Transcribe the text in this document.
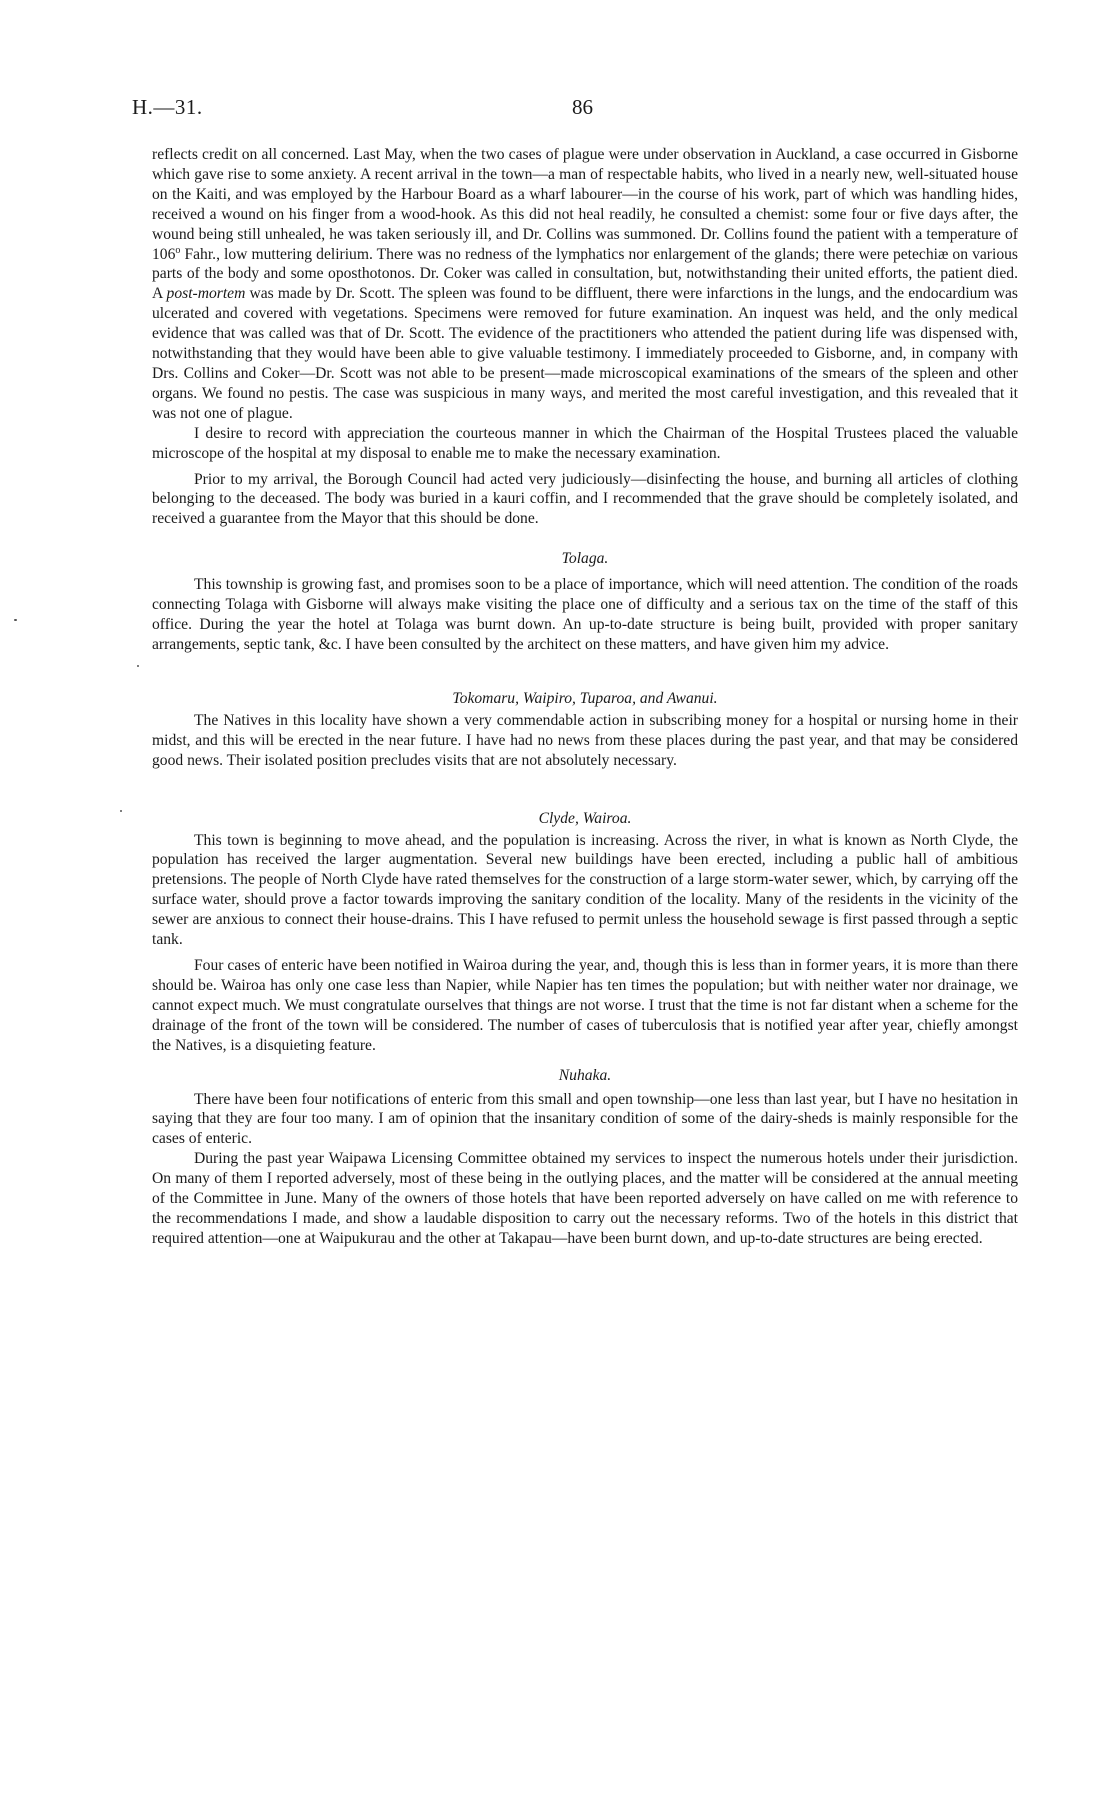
H.—31.	86

reflects credit on all concerned. Last May, when the two cases of plague were under observation in Auckland, a case occurred in Gisborne which gave rise to some anxiety. A recent arrival in the town—a man of respectable habits, who lived in a nearly new, well-situated house on the Kaiti, and was employed by the Harbour Board as a wharf labourer—in the course of his work, part of which was handling hides, received a wound on his finger from a wood-hook. As this did not heal readily, he consulted a chemist: some four or five days after, the wound being still unhealed, he was taken seriously ill, and Dr. Collins was summoned. Dr. Collins found the patient with a temperature of 106$^o$ Fahr., low muttering delirium. There was no redness of the lymphatics nor enlargement of the glands; there were petechiæ on various parts of the body and some oposthotonos. Dr. Coker was called in consultation, but, notwithstanding their united efforts, the patient died. A post-mortem was made by Dr. Scott. The spleen was found to be diffluent, there were infarctions in the lungs, and the endocardium was ulcerated and covered with vegetations. Specimens were removed for future examination. An inquest was held, and the only medical evidence that was called was that of Dr. Scott. The evidence of the practitioners who attended the patient during life was dispensed with, notwithstanding that they would have been able to give valuable testimony. I immediately proceeded to Gisborne, and, in company with Drs. Collins and Coker—Dr. Scott was not able to be present—made microscopical examinations of the smears of the spleen and other organs. We found no pestis. The case was suspicious in many ways, and merited the most careful investigation, and this revealed that it was not one of plague.

I desire to record with appreciation the courteous manner in which the Chairman of the Hospital Trustees placed the valuable microscope of the hospital at my disposal to enable me to make the necessary examination.

Prior to my arrival, the Borough Council had acted very judiciously—disinfecting the house, and burning all articles of clothing belonging to the deceased. The body was buried in a kauri coffin, and I recommended that the grave should be completely isolated, and received a guarantee from the Mayor that this should be done.

Tolaga.

This township is growing fast, and promises soon to be a place of importance, which will need attention. The condition of the roads connecting Tolaga with Gisborne will always make visiting the place one of difficulty and a serious tax on the time of the staff of this office. During the year the hotel at Tolaga was burnt down. An up-to-date structure is being built, provided with proper sanitary arrangements, septic tank, &c. I have been consulted by the architect on these matters, and have given him my advice.

Tokomaru, Waipiro, Tuparoa, and Awanui.

The Natives in this locality have shown a very commendable action in subscribing money for a hospital or nursing home in their midst, and this will be erected in the near future. I have had no news from these places during the past year, and that may be considered good news. Their isolated position precludes visits that are not absolutely necessary.

Clyde, Wairoa.

This town is beginning to move ahead, and the population is increasing. Across the river, in what is known as North Clyde, the population has received the larger augmentation. Several new buildings have been erected, including a public hall of ambitious pretensions. The people of North Clyde have rated themselves for the construction of a large storm-water sewer, which, by carrying off the surface water, should prove a factor towards improving the sanitary condition of the locality. Many of the residents in the vicinity of the sewer are anxious to connect their house-drains. This I have refused to permit unless the household sewage is first passed through a septic tank.

Four cases of enteric have been notified in Wairoa during the year, and, though this is less than in former years, it is more than there should be. Wairoa has only one case less than Napier, while Napier has ten times the population; but with neither water nor drainage, we cannot expect much. We must congratulate ourselves that things are not worse. I trust that the time is not far distant when a scheme for the drainage of the front of the town will be considered. The number of cases of tuberculosis that is notified year after year, chiefly amongst the Natives, is a disquieting feature.

Nuhaka.

There have been four notifications of enteric from this small and open township—one less than last year, but I have no hesitation in saying that they are four too many. I am of opinion that the insanitary condition of some of the dairy-sheds is mainly responsible for the cases of enteric.

During the past year Waipawa Licensing Committee obtained my services to inspect the numerous hotels under their jurisdiction. On many of them I reported adversely, most of these being in the outlying places, and the matter will be considered at the annual meeting of the Committee in June. Many of the owners of those hotels that have been reported adversely on have called on me with reference to the recommendations I made, and show a laudable disposition to carry out the necessary reforms. Two of the hotels in this district that required attention—one at Waipukurau and the other at Takapau—have been burnt down, and up-to-date structures are being erected.
